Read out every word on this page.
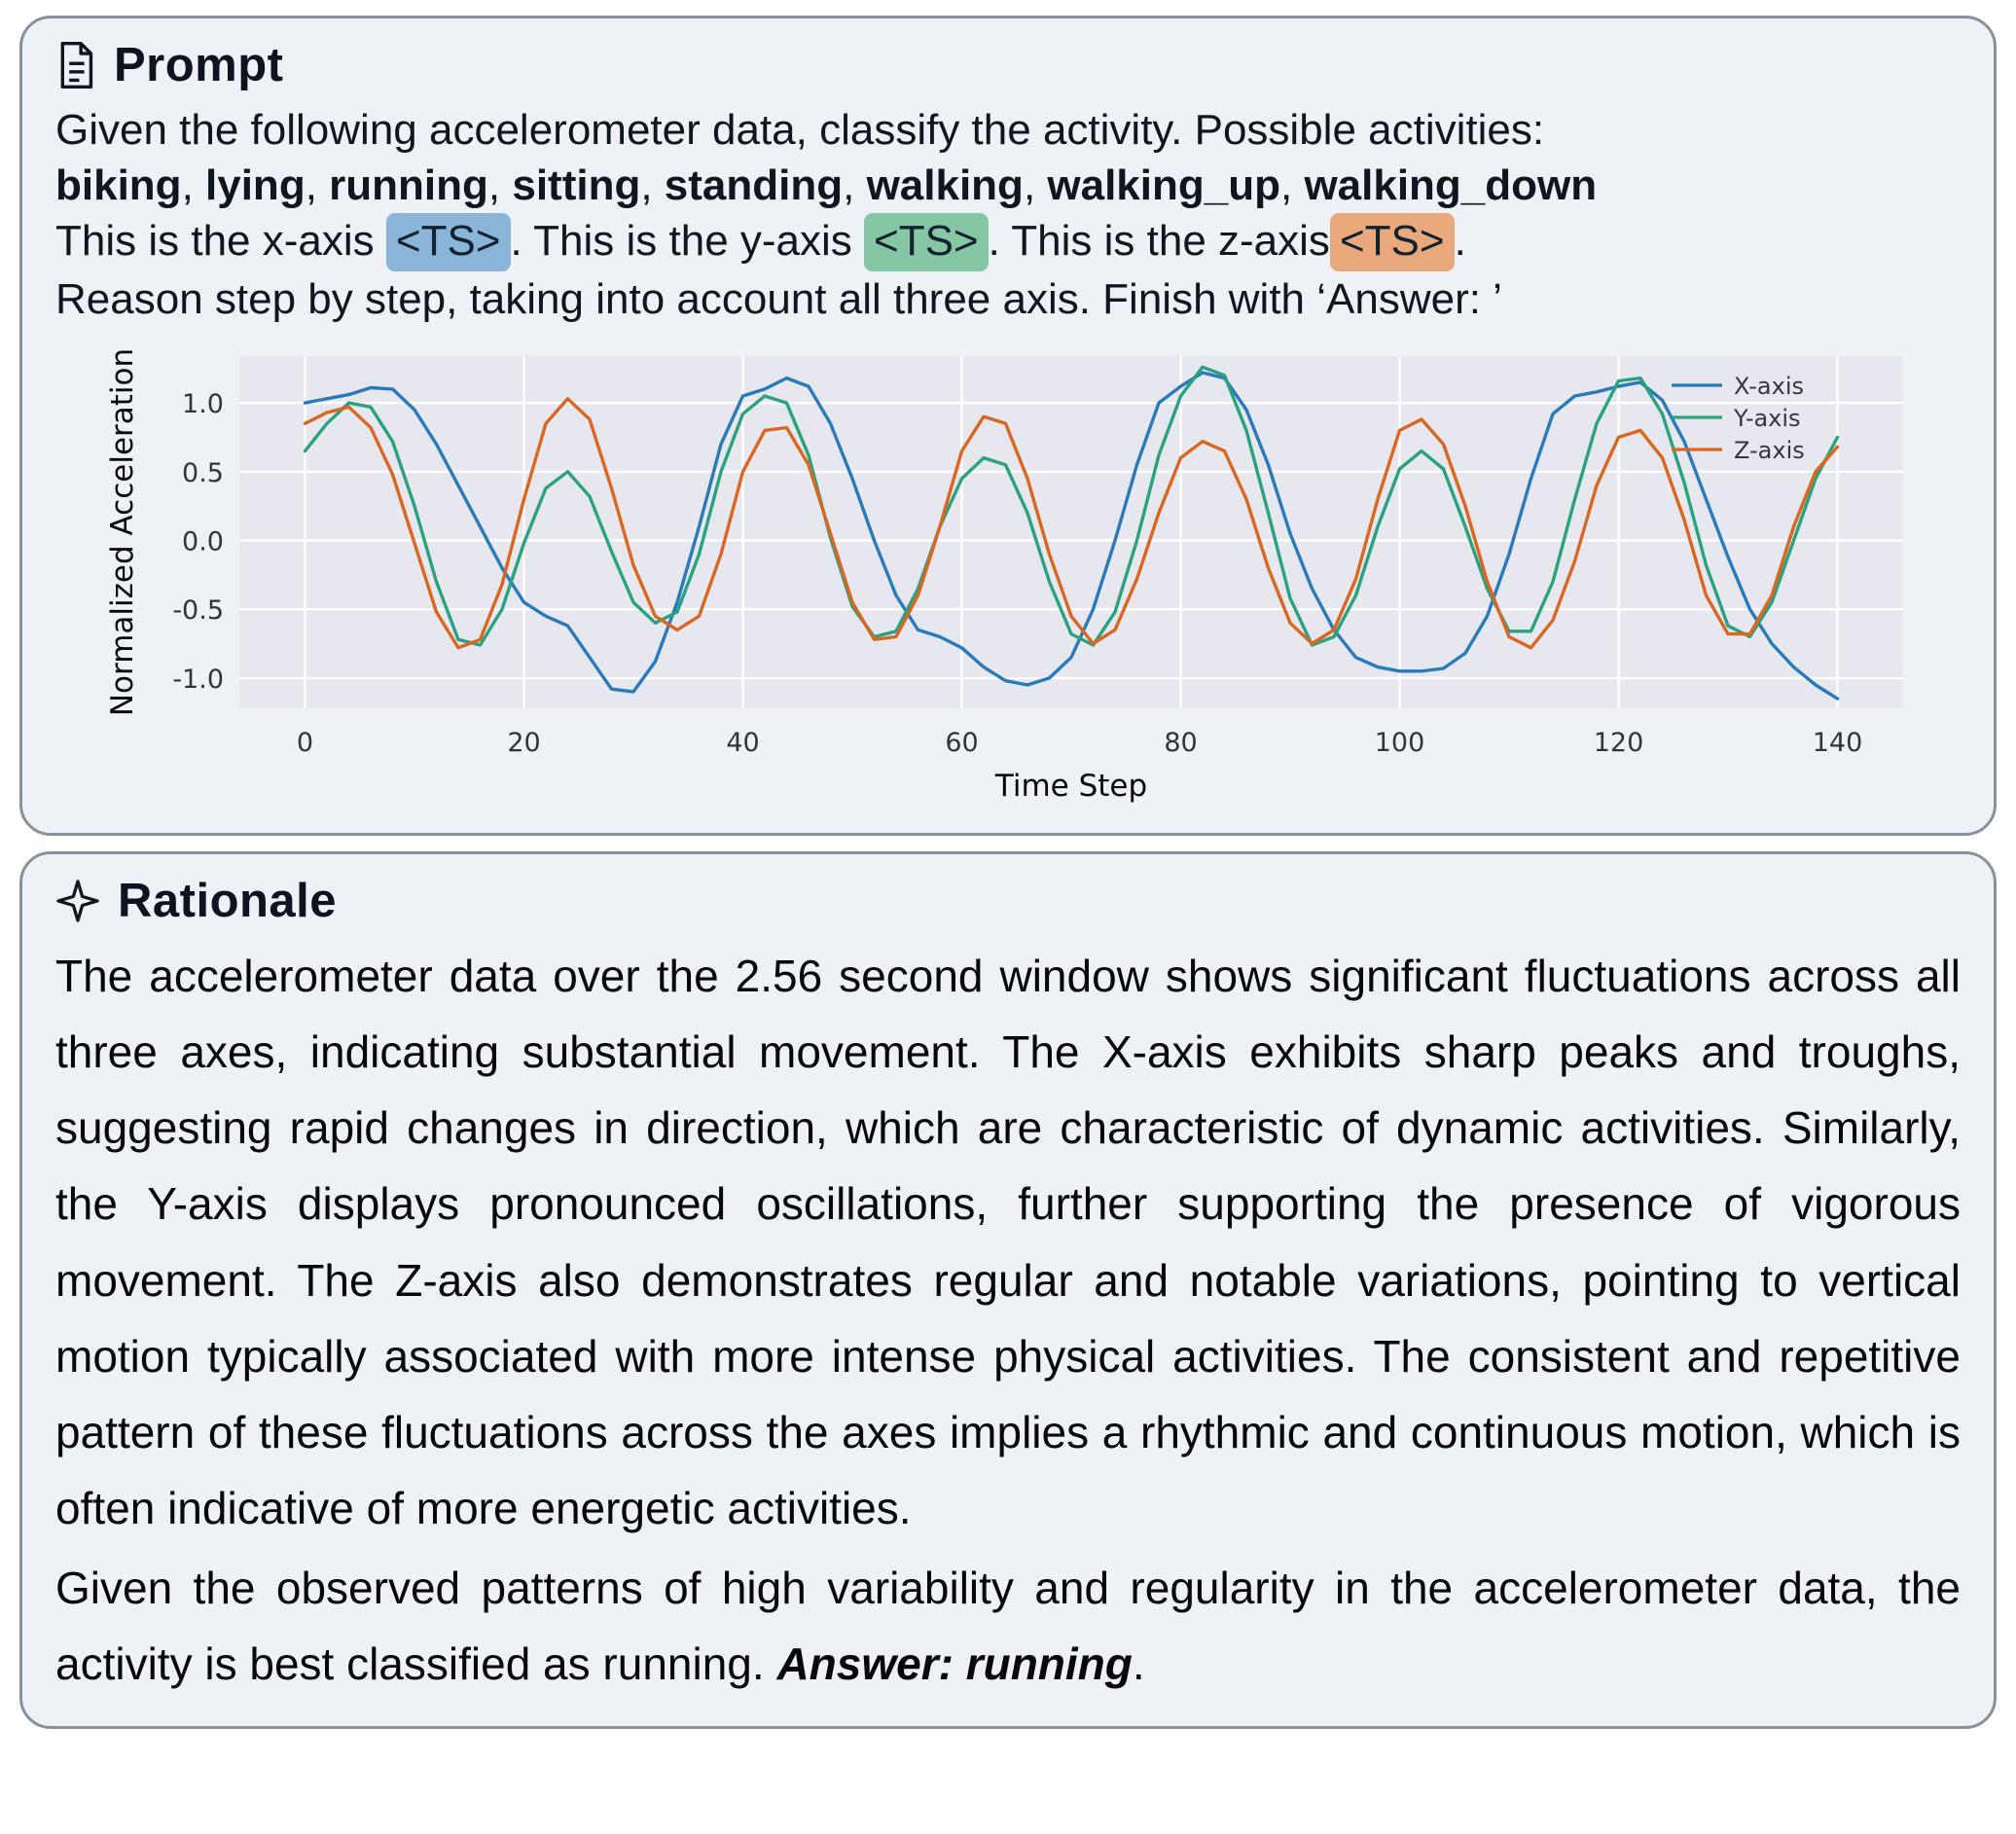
Prompt
Given the following accelerometer data, classify the activity. Possible activities:
biking, lying, running, sitting, standing, walking, walking_up, walking_down
This is the x-axis <TS> . This is the y-axis <TS> . This is the z-axis <TS> .
Reason step by step, taking into account all three axis. Finish with ‘Answer: ’
-1.0
-0.5
0.0
0.5
1.0
0	20	40	60	80	100	120	140
X-axis
Y-axis
Z-axis
Normalized Acceleration
Time Step
Rationale

The accelerometer data over the 2.56 second window shows significant fluctuations across all three axes, indicating substantial movement. The X-axis exhibits sharp peaks and troughs, suggesting rapid changes in direction, which are characteristic of dynamic activities. Similarly, the Y-axis displays pronounced oscillations, further supporting the presence of vigorous movement. The Z-axis also demonstrates regular and notable variations, pointing to vertical motion typically associated with more intense physical activities. The consistent and repetitive pattern of these fluctuations across the axes implies a rhythmic and continuous motion, which is often indicative of more energetic activities.

Given the observed patterns of high variability and regularity in the accelerometer data, the activity is best classified as running. Answer: running.
